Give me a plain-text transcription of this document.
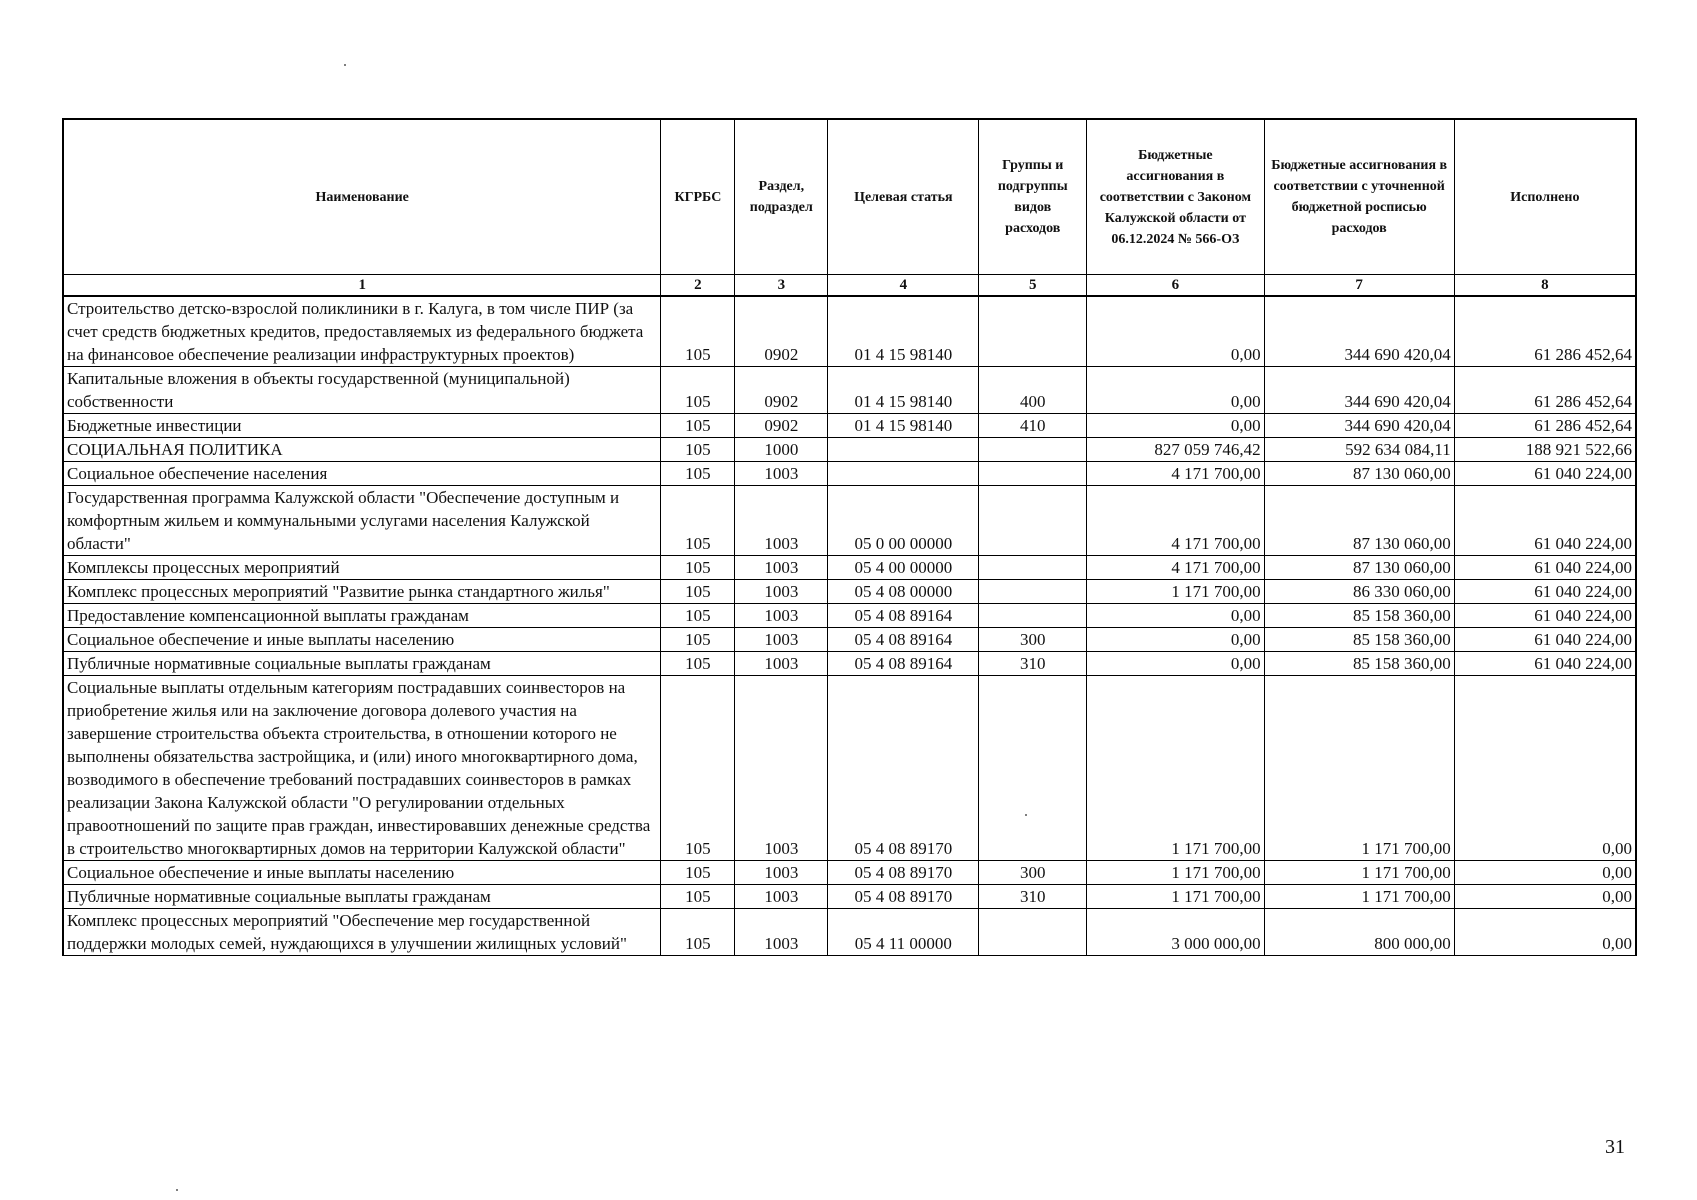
Наименование	КГРБС	Раздел, подраздел	Целевая статья	Группы и подгруппы видов расходов	Бюджетные ассигнования в соответствии с Законом Калужской области от 06.12.2024 № 566-ОЗ	Бюджетные ассигнования в соответствии с уточненной бюджетной росписью расходов	Исполнено
1	2	3	4	5	6	7	8
Строительство детско-взрослой поликлиники в г. Калуга, в том числе ПИР (за счет средств бюджетных кредитов, предоставляемых из федерального бюджета на финансовое обеспечение реализации инфраструктурных проектов)	105	0902	01 4 15 98140		0,00	344 690 420,04	61 286 452,64
Капитальные вложения в объекты государственной (муниципальной) собственности	105	0902	01 4 15 98140	400	0,00	344 690 420,04	61 286 452,64
Бюджетные инвестиции	105	0902	01 4 15 98140	410	0,00	344 690 420,04	61 286 452,64
СОЦИАЛЬНАЯ ПОЛИТИКА	105	1000			827 059 746,42	592 634 084,11	188 921 522,66
Социальное обеспечение населения	105	1003			4 171 700,00	87 130 060,00	61 040 224,00
Государственная программа Калужской области "Обеспечение доступным и комфортным жильем и коммунальными услугами населения Калужской области"	105	1003	05 0 00 00000		4 171 700,00	87 130 060,00	61 040 224,00
Комплексы процессных мероприятий	105	1003	05 4 00 00000		4 171 700,00	87 130 060,00	61 040 224,00
Комплекс процессных мероприятий "Развитие рынка стандартного жилья"	105	1003	05 4 08 00000		1 171 700,00	86 330 060,00	61 040 224,00
Предоставление компенсационной выплаты гражданам	105	1003	05 4 08 89164		0,00	85 158 360,00	61 040 224,00
Социальное обеспечение и иные выплаты населению	105	1003	05 4 08 89164	300	0,00	85 158 360,00	61 040 224,00
Публичные нормативные социальные выплаты гражданам	105	1003	05 4 08 89164	310	0,00	85 158 360,00	61 040 224,00
Социальные выплаты отдельным категориям пострадавших соинвесторов на приобретение жилья или на заключение договора долевого участия на завершение строительства объекта строительства, в отношении которого не выполнены обязательства застройщика, и (или) иного многоквартирного дома, возводимого в обеспечение требований пострадавших соинвесторов в рамках реализации Закона Калужской области "О регулировании отдельных правоотношений по защите прав граждан, инвестировавших денежные средства в строительство многоквартирных домов на территории Калужской области"	105	1003	05 4 08 89170		1 171 700,00	1 171 700,00	0,00
Социальное обеспечение и иные выплаты населению	105	1003	05 4 08 89170	300	1 171 700,00	1 171 700,00	0,00
Публичные нормативные социальные выплаты гражданам	105	1003	05 4 08 89170	310	1 171 700,00	1 171 700,00	0,00
Комплекс процессных мероприятий "Обеспечение мер государственной поддержки молодых семей, нуждающихся в улучшении жилищных условий"	105	1003	05 4 11 00000		3 000 000,00	800 000,00	0,00
31
